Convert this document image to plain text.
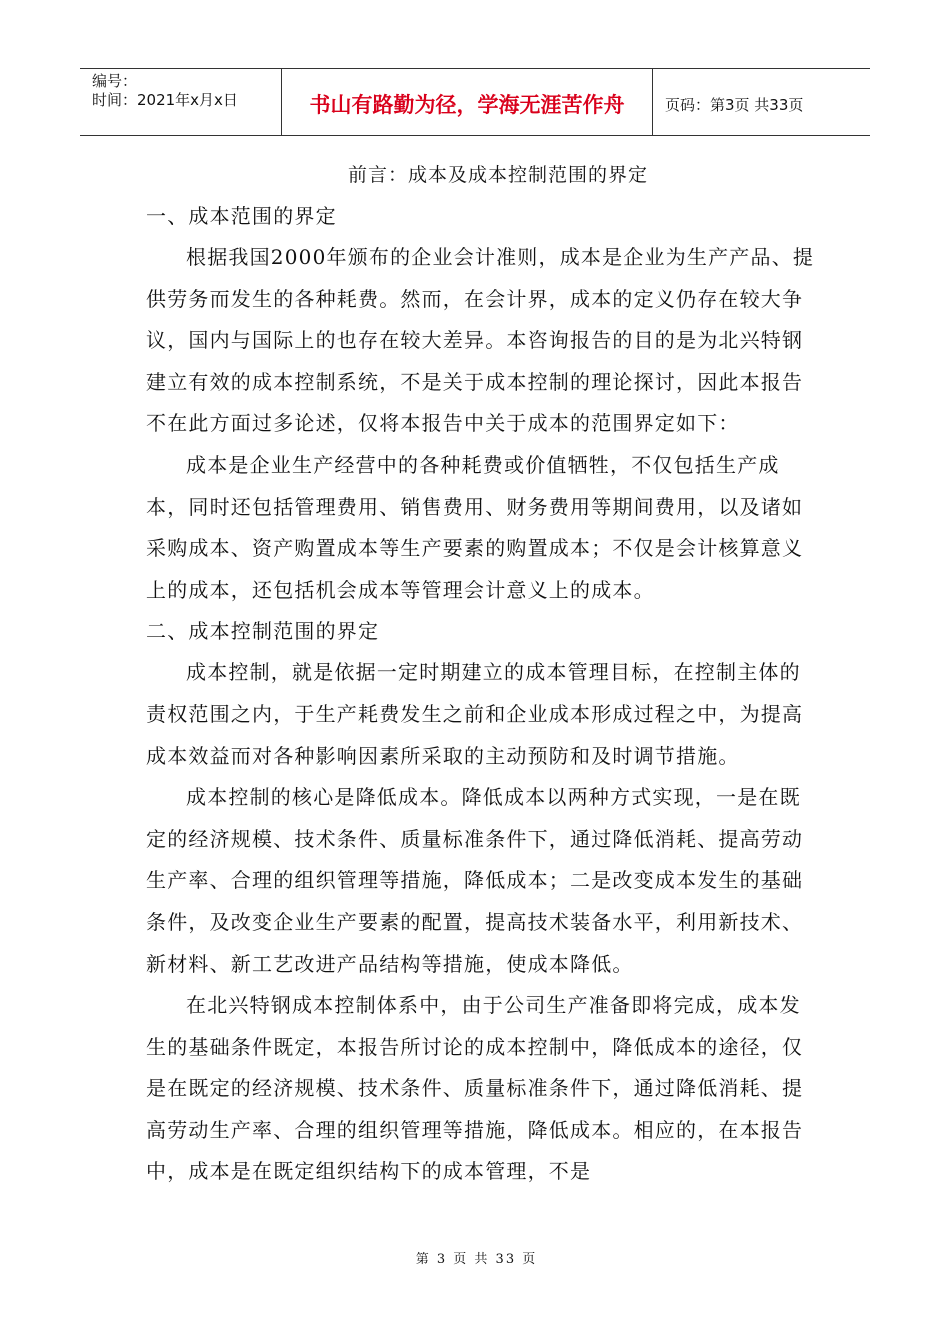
编号：
时间：2021年x月x日	书山有路勤为径，学海无涯苦作舟	页码：第3页 共33页
前言：成本及成本控制范围的界定

一、成本范围的界定

根据我国2000年颁布的企业会计准则，成本是企业为生产产品、提供劳务而发生的各种耗费。然而，在会计界，成本的定义仍存在较大争议，国内与国际上的也存在较大差异。本咨询报告的目的是为北兴特钢建立有效的成本控制系统，不是关于成本控制的理论探讨，因此本报告不在此方面过多论述，仅将本报告中关于成本的范围界定如下：

成本是企业生产经营中的各种耗费或价值牺牲，不仅包括生产成本，同时还包括管理费用、销售费用、财务费用等期间费用，以及诸如采购成本、资产购置成本等生产要素的购置成本；不仅是会计核算意义上的成本，还包括机会成本等管理会计意义上的成本。

二、成本控制范围的界定

成本控制，就是依据一定时期建立的成本管理目标，在控制主体的责权范围之内，于生产耗费发生之前和企业成本形成过程之中，为提高成本效益而对各种影响因素所采取的主动预防和及时调节措施。

成本控制的核心是降低成本。降低成本以两种方式实现，一是在既定的经济规模、技术条件、质量标准条件下，通过降低消耗、提高劳动生产率、合理的组织管理等措施，降低成本；二是改变成本发生的基础条件，及改变企业生产要素的配置，提高技术装备水平，利用新技术、新材料、新工艺改进产品结构等措施，使成本降低。

在北兴特钢成本控制体系中，由于公司生产准备即将完成，成本发生的基础条件既定，本报告所讨论的成本控制中，降低成本的途径，仅是在既定的经济规模、技术条件、质量标准条件下，通过降低消耗、提高劳动生产率、合理的组织管理等措施，降低成本。相应的，在本报告中，成本是在既定组织结构下的成本管理，不是

第 3 页 共 33 页
